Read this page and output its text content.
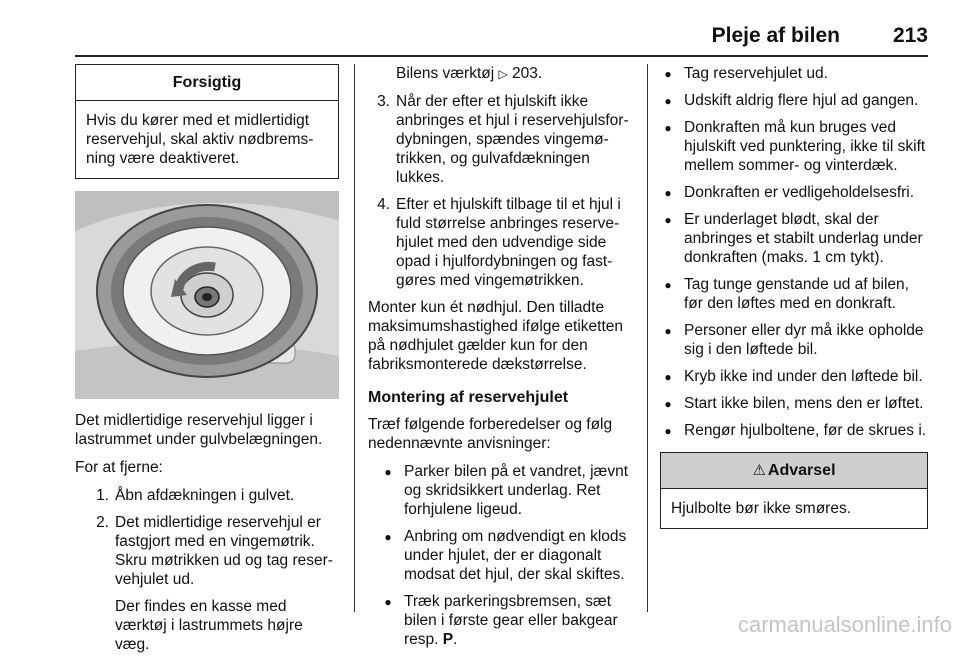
Pleje af bilen	213
Forsigtig
Hvis du kører med et midlertidigt reservehjul, skal aktiv nødbremsning være deaktiveret.

Det midlertidige reservehjul ligger i lastrummet under gulvbelægningen.

For at fjerne:

1. Åbn afdækningen i gulvet.
2. Det midlertidige reservehjul er fastgjort med en vingemøtrik. Skru møtrikken ud og tag reservehjulet ud.
Der findes en kasse med værktøj i lastrummets højre væg.
Bilens værktøj ▷ 203.
3. Når der efter et hjulskift ikke anbringes et hjul i reservehjulsfordybningen, spændes vingemøtrikken, og gulvafdækningen lukkes.
4. Efter et hjulskift tilbage til et hjul i fuld størrelse anbringes reservehjulet med den udvendige side opad i hjulfordybningen og fastgøres med vingemøtrikken.

Monter kun ét nødhjul. Den tilladte maksimumshastighed ifølge etiketten på nødhjulet gælder kun for den fabriksmonterede dækstørrelse.

Montering af reservehjulet

Træf følgende forberedelser og følg nedennævnte anvisninger:

● Parker bilen på et vandret, jævnt og skridsikkert underlag. Ret forhjulene ligeud.
● Anbring om nødvendigt en klods under hjulet, der er diagonalt modsat det hjul, der skal skiftes.
● Træk parkeringsbremsen, sæt bilen i første gear eller bakgear resp. P.
● Tag reservehjulet ud.
● Udskift aldrig flere hjul ad gangen.
● Donkraften må kun bruges ved hjulskift ved punktering, ikke til skift mellem sommer- og vinterdæk.
● Donkraften er vedligeholdelsesfri.
● Er underlaget blødt, skal der anbringes et stabilt underlag under donkraften (maks. 1 cm tykt).
● Tag tunge genstande ud af bilen, før den løftes med en donkraft.
● Personer eller dyr må ikke opholde sig i den løftede bil.
● Kryb ikke ind under den løftede bil.
● Start ikke bilen, mens den er løftet.
● Rengør hjulboltene, før de skrues i.
⚠ Advarsel
Hjulbolte bør ikke smøres.
carmanualsonline.info
